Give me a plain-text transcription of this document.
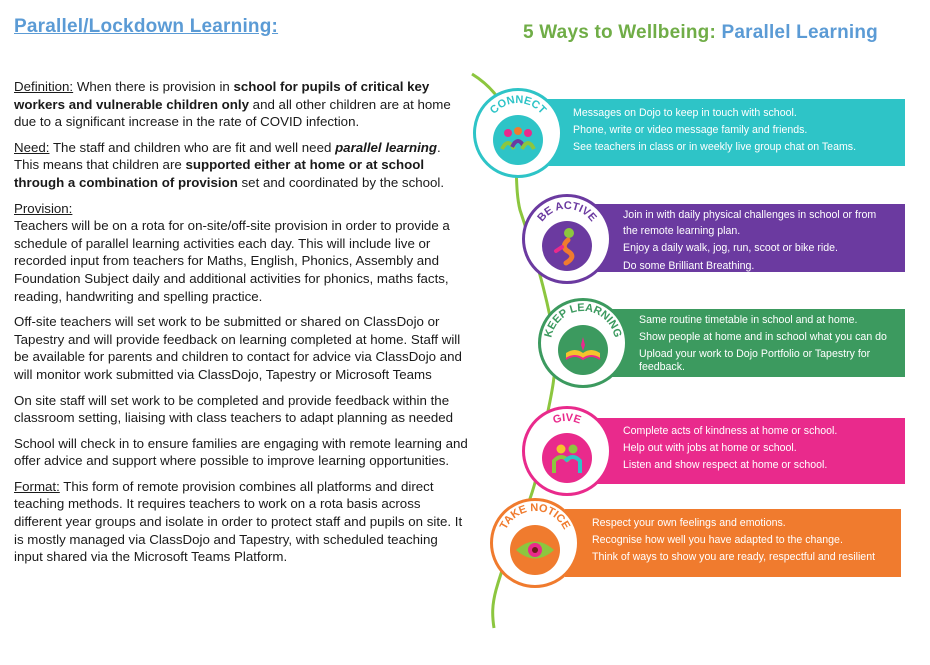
Parallel/Lockdown Learning:	5 Ways to Wellbeing: Parallel Learning

Definition: When there is provision in school for pupils of critical key workers and vulnerable children only and all other children are at home due to a significant increase in the rate of COVID infection.

Need: The staff and children who are fit and well need parallel learning. This means that children are supported either at home or at school through a combination of provision set and coordinated by the school.

Provision:
Teachers will be on a rota for on-site/off-site provision in order to provide a schedule of parallel learning activities each day. This will include live or recorded input from teachers for Maths, English, Phonics, Assembly and Foundation Subject daily and additional activities for phonics, maths facts, reading, handwriting and spelling practice.

Off-site teachers will set work to be submitted or shared on ClassDojo or Tapestry and will provide feedback on learning completed at home. Staff will be available for parents and children to contact for advice via ClassDojo and will monitor work submitted via ClassDojo, Tapestry or Microsoft Teams

On site staff will set work to be completed and provide feedback within the classroom setting, liaising with class teachers to adapt planning as needed

School will check in to ensure families are engaging with remote learning and offer advice and support where possible to improve learning opportunities.

Format: This form of remote provision combines all platforms and direct teaching methods. It requires teachers to work on a rota basis across different year groups and isolate in order to protect staff and pupils on site. It is mostly managed via ClassDojo and Tapestry, with scheduled teaching input shared via the Microsoft Teams Platform.

Messages on Dojo to keep in touch with school.
Phone, write or video message family and friends.
See teachers in class or in weekly live group chat on Teams.
Join in with daily physical challenges in school or from
the remote learning plan.
Enjoy a daily walk, jog, run, scoot or bike ride.
Do some Brilliant Breathing.
Same routine timetable in school and at home.
Show people at home and in school what you can do
Upload your work to Dojo Portfolio or Tapestry for
feedback.
Complete acts of kindness at home or school.
Help out with jobs at home or school.
Listen and show respect at home or school.
Respect your own feelings and emotions.
Recognise how well you have adapted to the change.
Think of ways to show you are ready, respectful and resilient
CONNECT
BE ACTIVE
KEEP LEARNING
GIVE
TAKE NOTICE
